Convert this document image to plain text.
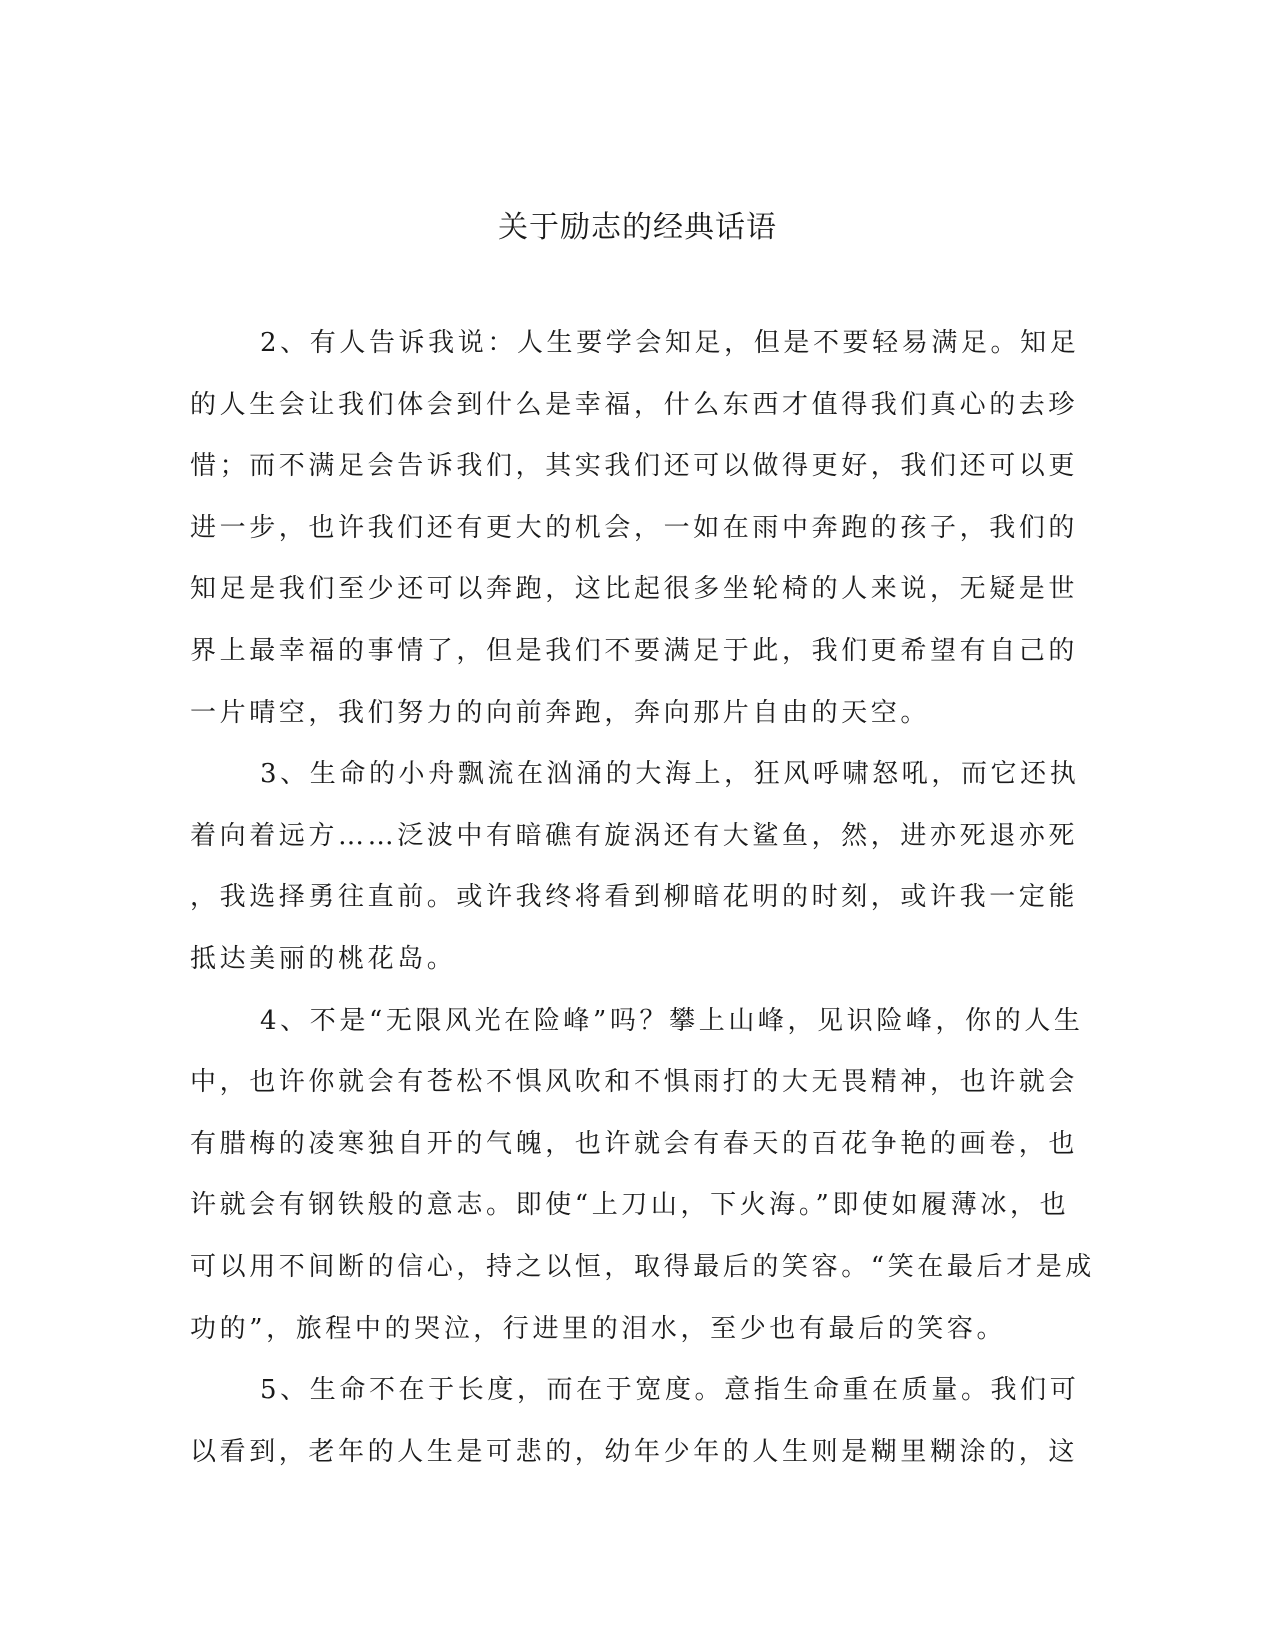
关于励志的经典话语
2、有人告诉我说：人生要学会知足，但是不要轻易满足。知足
的人生会让我们体会到什么是幸福，什么东西才值得我们真心的去珍
惜；而不满足会告诉我们，其实我们还可以做得更好，我们还可以更
进一步，也许我们还有更大的机会，一如在雨中奔跑的孩子，我们的
知足是我们至少还可以奔跑，这比起很多坐轮椅的人来说，无疑是世
界上最幸福的事情了，但是我们不要满足于此，我们更希望有自己的
一片晴空，我们努力的向前奔跑，奔向那片自由的天空。
3、生命的小舟飘流在汹涌的大海上，狂风呼啸怒吼，而它还执
着向着远方……泛波中有暗礁有旋涡还有大鲨鱼，然，进亦死退亦死
，我选择勇往直前。或许我终将看到柳暗花明的时刻，或许我一定能
抵达美丽的桃花岛。
4、不是“无限风光在险峰”吗？攀上山峰，见识险峰，你的人生
中，也许你就会有苍松不惧风吹和不惧雨打的大无畏精神，也许就会
有腊梅的凌寒独自开的气魄，也许就会有春天的百花争艳的画卷，也
许就会有钢铁般的意志。即使“上刀山，下火海。”即使如履薄冰，也
可以用不间断的信心，持之以恒，取得最后的笑容。“笑在最后才是成
功的”，旅程中的哭泣，行进里的泪水，至少也有最后的笑容。
5、生命不在于长度，而在于宽度。意指生命重在质量。我们可
以看到，老年的人生是可悲的，幼年少年的人生则是糊里糊涂的，这
